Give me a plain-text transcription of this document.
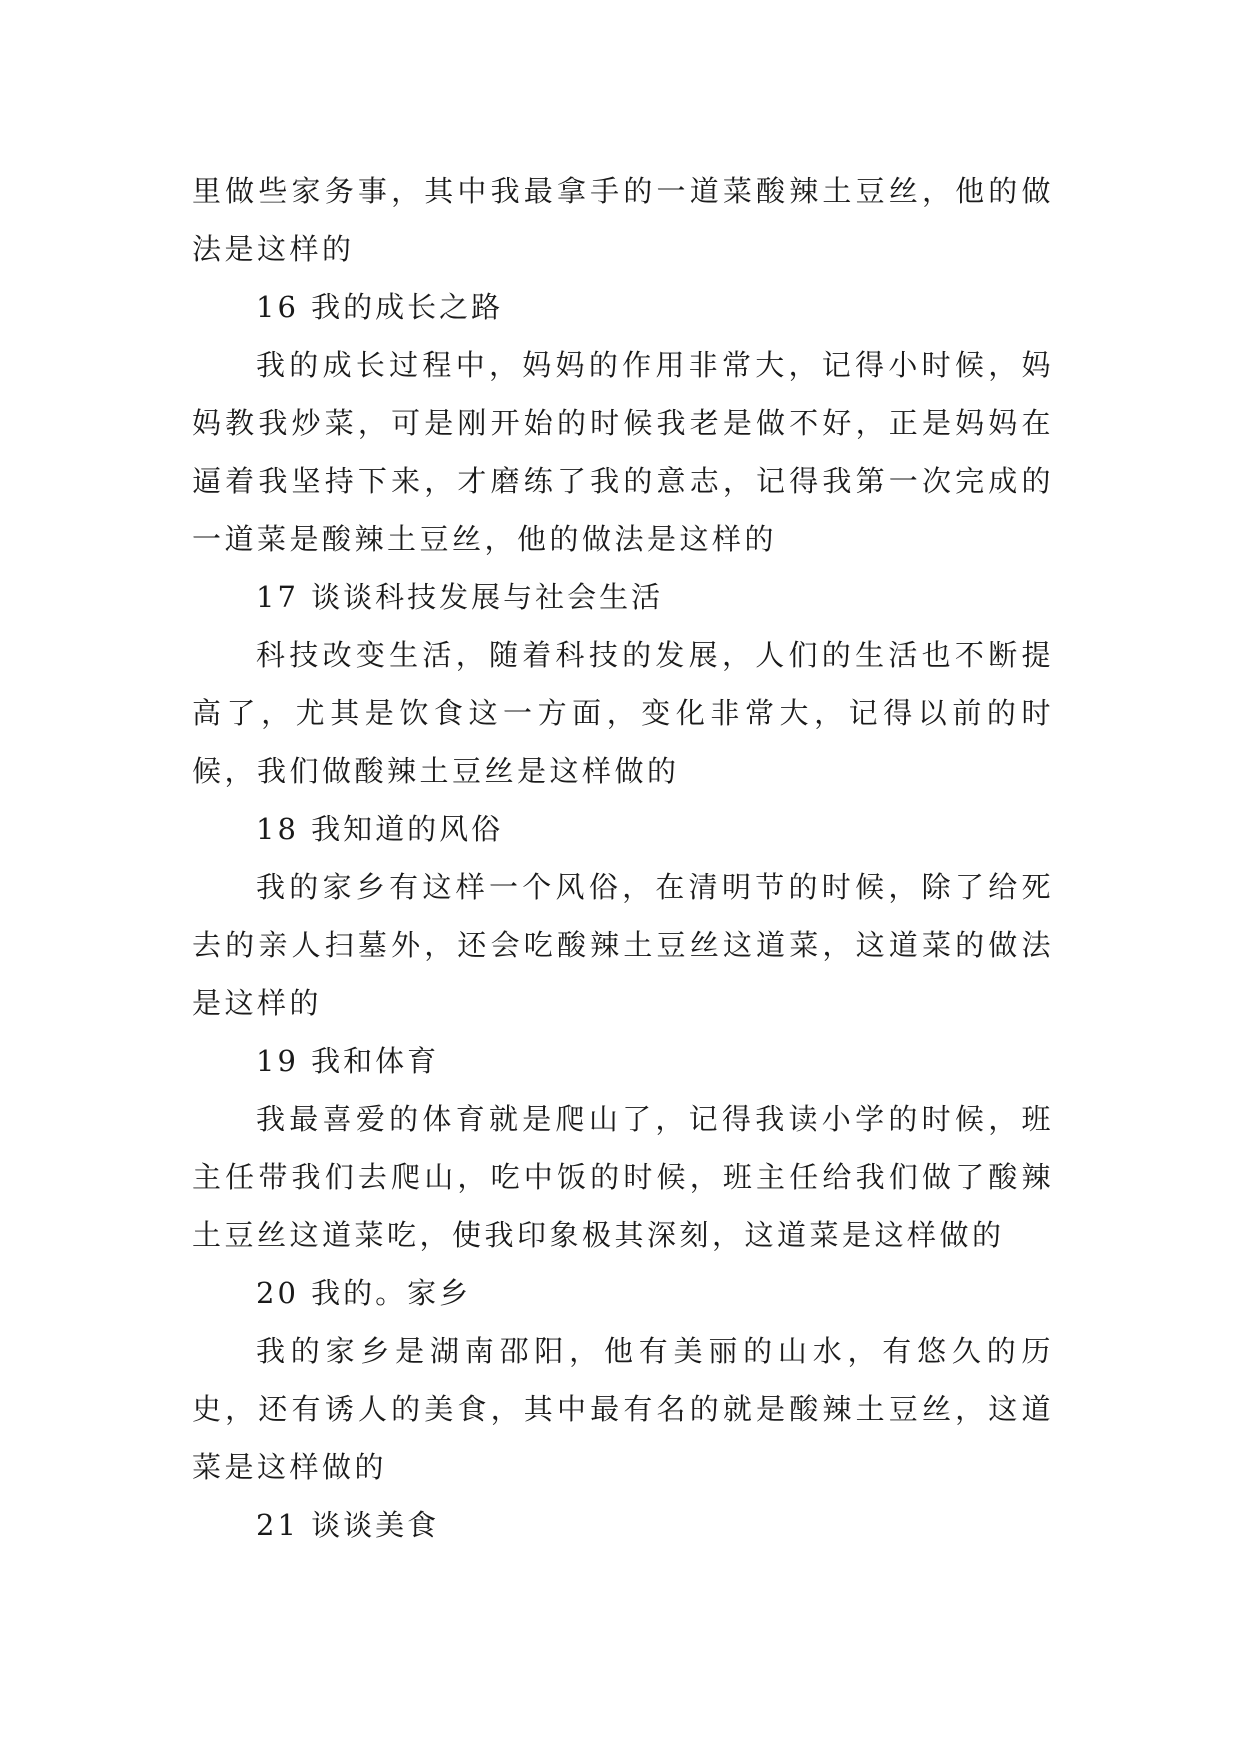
里做些家务事，其中我最拿手的一道菜酸辣土豆丝，他的做法是这样的

16 我的成长之路

我的成长过程中，妈妈的作用非常大，记得小时候，妈妈教我炒菜，可是刚开始的时候我老是做不好，正是妈妈在逼着我坚持下来，才磨练了我的意志，记得我第一次完成的一道菜是酸辣土豆丝，他的做法是这样的

17 谈谈科技发展与社会生活

科技改变生活，随着科技的发展，人们的生活也不断提高了，尤其是饮食这一方面，变化非常大，记得以前的时候，我们做酸辣土豆丝是这样做的

18 我知道的风俗

我的家乡有这样一个风俗，在清明节的时候，除了给死去的亲人扫墓外，还会吃酸辣土豆丝这道菜，这道菜的做法是这样的

19 我和体育

我最喜爱的体育就是爬山了，记得我读小学的时候，班主任带我们去爬山，吃中饭的时候，班主任给我们做了酸辣土豆丝这道菜吃，使我印象极其深刻，这道菜是这样做的

20 我的。家乡

我的家乡是湖南邵阳，他有美丽的山水，有悠久的历史，还有诱人的美食，其中最有名的就是酸辣土豆丝，这道菜是这样做的

21 谈谈美食
